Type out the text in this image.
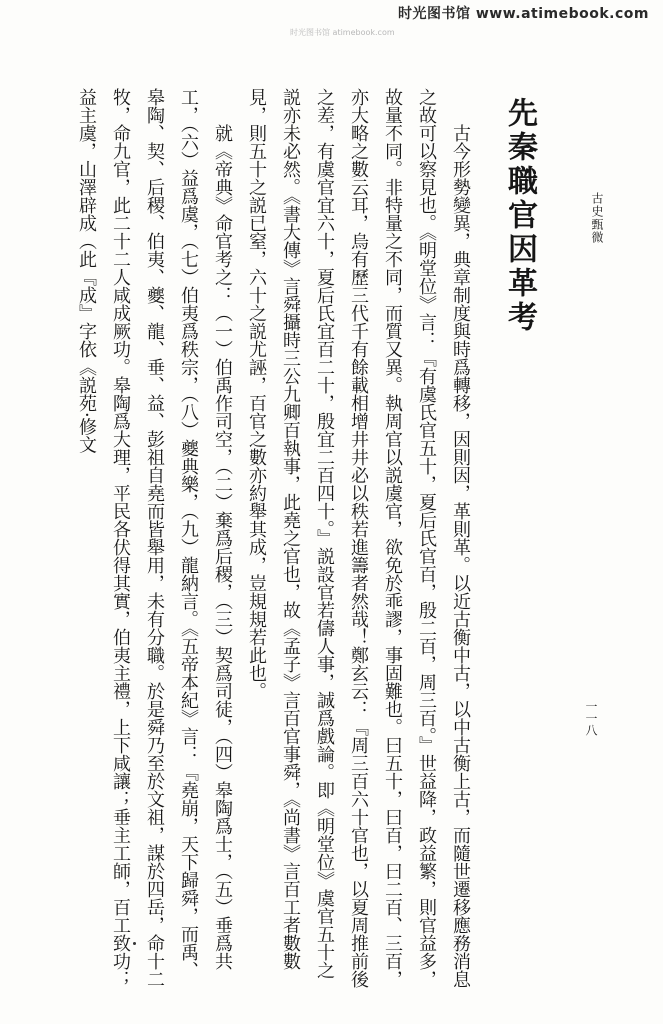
时光图书馆 www.atimebook.com
时光图书馆 atimebook.com
古史甄微
一一八
先秦職官因革考

古今形勢變異，典章制度與時爲轉移，因則因，革則革。以近古衡中古，以中古衡上古，而隨世遷移應務消息之故可以察見也。《明堂位》言：『有虞氏官五十，夏后氏官百，殷二百，周三百。』世益降，政益繁，則官益多，故量不同。非特量之不同，而質又異。執周官以説虞官，欲免於乖謬，事固難也。曰五十，曰百，曰二百、三百，亦大略之數云耳，烏有歷三代千有餘載相增井井必以秩若進籌者然哉！鄭玄云：『周三百六十官也，以夏周推前後之差，有虞官宜六十，夏后氏宜百二十，殷宜二百四十。』説設官若儔人事，誠爲戲論。即《明堂位》虞官五十之説亦未必然。《書大傳》言舜攝時三公九卿百執事，此堯之官也，故《孟子》言百官事舜，《尚書》言百工者數數見，則五十之説已窒，六十之説尤誣，百官之數亦約舉其成，豈規規若此也。

就《帝典》命官考之：（一）伯禹作司空，（二）棄爲后稷，（三）契爲司徒，（四）皋陶爲士，（五）垂爲共工，（六）益爲虞，（七）伯夷爲秩宗，（八）夔典樂，（九）龍納言。《五帝本紀》言：『堯崩，天下歸舜，而禹、皋陶、契、后稷、伯夷、夔、龍、垂、益、彭祖自堯而皆舉用，未有分職。於是舜乃至於文祖，謀於四岳，命十二牧，命九官，此二十二人咸成厥功。皋陶爲大理，平民各伏得其實，伯夷主禮，上下咸讓；垂主工師，百工致功；益主虞，山澤辟成（此『成』字依《説苑·修文
